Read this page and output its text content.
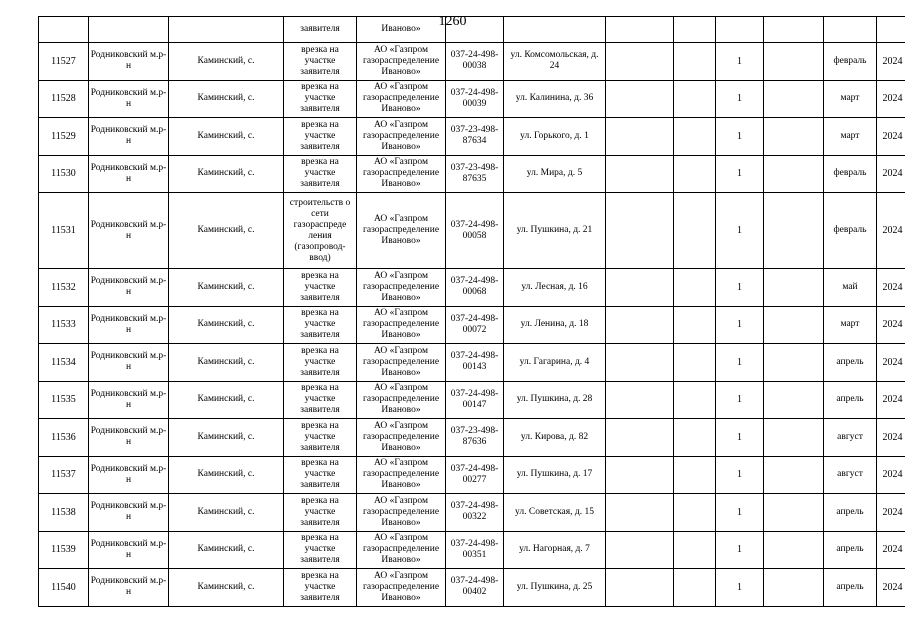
1260
			заявителя	Иваново»								
11527	Родниковский м.р-н	Каминский, с.	врезка на участке заявителя	АО «Газпром газораспределение Иваново»	037-24-498-00038	ул. Комсомольская, д. 24			1		февраль	2024
11528	Родниковский м.р-н	Каминский, с.	врезка на участке заявителя	АО «Газпром газораспределение Иваново»	037-24-498-00039	ул. Калинина, д. 36			1		март	2024
11529	Родниковский м.р-н	Каминский, с.	врезка на участке заявителя	АО «Газпром газораспределение Иваново»	037-23-498-87634	ул. Горького, д. 1			1		март	2024
11530	Родниковский м.р-н	Каминский, с.	врезка на участке заявителя	АО «Газпром газораспределение Иваново»	037-23-498-87635	ул. Мира, д. 5			1		февраль	2024
11531	Родниковский м.р-н	Каминский, с.	строительств о сети газораспреде ления (газопровод-ввод)	АО «Газпром газораспределение Иваново»	037-24-498-00058	ул. Пушкина, д. 21			1		февраль	2024
11532	Родниковский м.р-н	Каминский, с.	врезка на участке заявителя	АО «Газпром газораспределение Иваново»	037-24-498-00068	ул. Лесная, д. 16			1		май	2024
11533	Родниковский м.р-н	Каминский, с.	врезка на участке заявителя	АО «Газпром газораспределение Иваново»	037-24-498-00072	ул. Ленина, д. 18			1		март	2024
11534	Родниковский м.р-н	Каминский, с.	врезка на участке заявителя	АО «Газпром газораспределение Иваново»	037-24-498-00143	ул. Гагарина, д. 4			1		апрель	2024
11535	Родниковский м.р-н	Каминский, с.	врезка на участке заявителя	АО «Газпром газораспределение Иваново»	037-24-498-00147	ул. Пушкина, д. 28			1		апрель	2024
11536	Родниковский м.р-н	Каминский, с.	врезка на участке заявителя	АО «Газпром газораспределение Иваново»	037-23-498-87636	ул. Кирова, д. 82			1		август	2024
11537	Родниковский м.р-н	Каминский, с.	врезка на участке заявителя	АО «Газпром газораспределение Иваново»	037-24-498-00277	ул. Пушкина, д. 17			1		август	2024
11538	Родниковский м.р-н	Каминский, с.	врезка на участке заявителя	АО «Газпром газораспределение Иваново»	037-24-498-00322	ул. Советская, д. 15			1		апрель	2024
11539	Родниковский м.р-н	Каминский, с.	врезка на участке заявителя	АО «Газпром газораспределение Иваново»	037-24-498-00351	ул. Нагорная, д. 7			1		апрель	2024
11540	Родниковский м.р-н	Каминский, с.	врезка на участке заявителя	АО «Газпром газораспределение Иваново»	037-24-498-00402	ул. Пушкина, д. 25			1		апрель	2024
